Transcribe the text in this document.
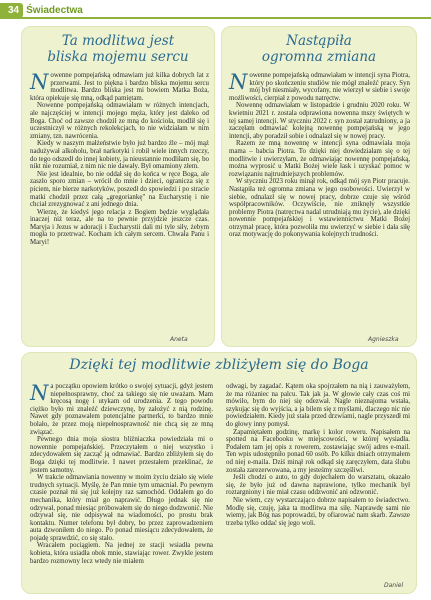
34 Świadectwa
Ta modlitwa jest
bliska mojemu sercu

Nowenne pompejańską odmawiam już kilka dobrych lat z przerwami. Jest to piękna i bardzo bliska mojemu sercu modlitwa. Bardzo bliska jest mi bowiem Matka Boża, która opiekuje się mną, odkąd pamiętam.

Nowenne pompejańską odmawiałam w różnych intencjach, ale najczęściej w intencji mojego męża, który jest daleko od Boga. Choć od zawsze chodził ze mną do kościoła, modlił się i uczestniczył w różnych rekolekcjach, to nie widziałam w nim zmiany, tzn. nawrócenia.

Kiedy w naszym małżeństwie było już bardzo źle – mój mąż nadużywał alkoholu, brał narkotyki i robił wiele innych rzeczy, do tego odszedł do innej kobiety, ja nieustannie modliłam się, bo nikt nie rozumiał, z nim nic nie dawały. Był omamiony złem.

Nie jest idealnie, bo nie oddał się do końca w ręce Boga, ale zaszło sporo zmian – wrócił do mnie i dzieci, ogranicza się z piciem, nie bierze narkotyków, poszedł do spowiedzi i po stracie matki chodził przez całą „gregoriankę" na Eucharystię i nie chciał zrezygnować z ani jednego dnia.

Wierzę, że kiedyś jego relacja z Bogiem będzie wyglądała inaczej niż teraz, ale na to pewnie przyjdzie jeszcze czas. Maryja i Jezus w adoracji i Eucharystii dali mi tyle siły, żebym mogła to przetrwać. Kocham ich całym sercem. Chwała Panu i Maryi!

Aneta
Nastąpiła
ogromna zmiana

Nowenne pompejańską odmawiałam w intencji syna Piotra, który po skończeniu studiów nie mógł znaleźć pracy. Syn mój był niesmiały, wycofany, nie wierzył w siebie i swoje możliwości, cierpiał z powodu natręctw.

Nowennę odmawiałam w listopadzie i grudniu 2020 roku. W kwietniu 2021 r. zostala odprawiona nowenna mszy świętych w tej samej intencji. W styczniu 2022 r. syn został zatrudniony, a ja zaczęłam odmawiać kolejną nowennę pompejańską w jego intencji, aby poradził sobie i odnalazł się w nowej pracy.

Razem ze mną nowennę w intencji syna odmawiała moja mama – babcia Piotra. To dzięki niej dowiedziałam się o tej modlitwie i uwierzyłam, że odmawiając nowennę pompejańską, można wyprosić u Matki Bożej wiele łask i uzyskać pomoc w rozwiązaniu najtrudniejszych problemów.

W styczniu 2023 roku minął rok, odkąd mój syn Piotr pracuje. Nastąpiła też ogromna zmiana w jego osobowości. Uwierzył w siebie, odnalazł się w nowej pracy, dobrze czuje się wśród współpracowników. Oczywiście, nie zniknęły wszystkie problemy Piotra (natręctwa nadal utrudniają mu życie), ale dzięki nowennie pompejańskiej i wstawiennictwu Matki Bożej otrzymał pracę, która pozwoliła mu uwierzyć w siebie i dała siłę oraz motywację do pokonywania kolejnych trudności.

Agnieszka
Dzięki tej modlitwie zbliżyłem się do Boga

Na początku opowiem krótko o swojej sytuacji, gdyż jestem niepełnosprawny, choć za takiego się nie uważam. Mam kręcosą nogę i utykam od urodzenia. Z tego powodu ciężko było mi znaleźć dziewczynę, by założyć z nią rodzinę. Nawet gdy poznawałem potencjalne partnerki, to bardzo mnie bolało, że przez moją niepełnosprawność nie chcą się ze mną związać.

Pewnego dnia moja siostra bliźniaczka powiedziała mi o nowennie pompejańskiej. Przeczytałem o niej wszystko i zdecydowałem się zacząć ją odmawiać. Bardzo zbliżyłem się do Boga dzięki tej modlitwie. I nawet przestałem przeklinać, że jestem samotny.

W trakcie odmawiania nowenny w moim życiu działo się wiele trudnych sytuacji. Myślę, że Pan mnie tym umacniał. Po pewnym czasie poznał mi się już kolejny raz samochód. Oddałem go do mechanika, który miał go naprawić. Długo jednak się nie odzywał, ponad miesiąc próbowałem się do niego dodzwonić. Nie odzywał się, nie odpisywał na wiadomości, po prostu brak kontaktu. Numer telefonu był dobry, bo przez zaprowadzeniem auta dzwoniłem do niego. Po ponad miesiącu zdecydowałem, że pojadę sprawdzić, co się stało.

Wracałem pociągiem. Na jednej ze stacji wsiadła pewna kobieta, która usiadła obok mnie, stawiając rower. Zwykle jestem bardzo rozmowny lecz wtedy nie miałem

odwagi, by zagadać. Kątem oka spojrzałem na nią i zauważyłem, że ma różaniec na palcu. Tak jak ja. W głowie cały czas coś mi mówiło, bym do niej się odezwał. Nagle nieznajoma wstała, szykując się do wyjścia, a ja bilem się z myślami, dlaczego nic nie powiedziałem. Kiedy już stała przed drzwiami, nagle przyszedł mi do głowy inny pomysł.

Zapamiętałem godzinę, markę i kolor roweru. Napisałem na spotted na Facebooku w miejscowości, w której wysiadła. Podałem tam jej opis z rowerem, zostawiając swój adres e-mail. Ten wpis udostępniło ponad 60 osób. Po kilku dniach otrzymałem od niej e-maila. Dziś minął rok odkąd się zaręczyłem, data ślubu została zarezerwowana, a my jesteśmy szczęśliwi.

Jeśli chodzi o auto, to gdy dojechałem do warsztatu, okazało się, że było już od dawna naprawione, tylko mechanik był roztargniony i nie miał czasu oddzwonić ani odzwonić.

Nie wiem, czy wystarczająco dobrze napisałem to świadectwo. Modlę się, czuję, jaka ta modlitwa ma siłę. Naprawdę sami nie wiemy, jak Bóg nas poprowadzi, by ofiarować nam skarb. Zawsze trzeba tylko oddać się jego woli.

Daniel
